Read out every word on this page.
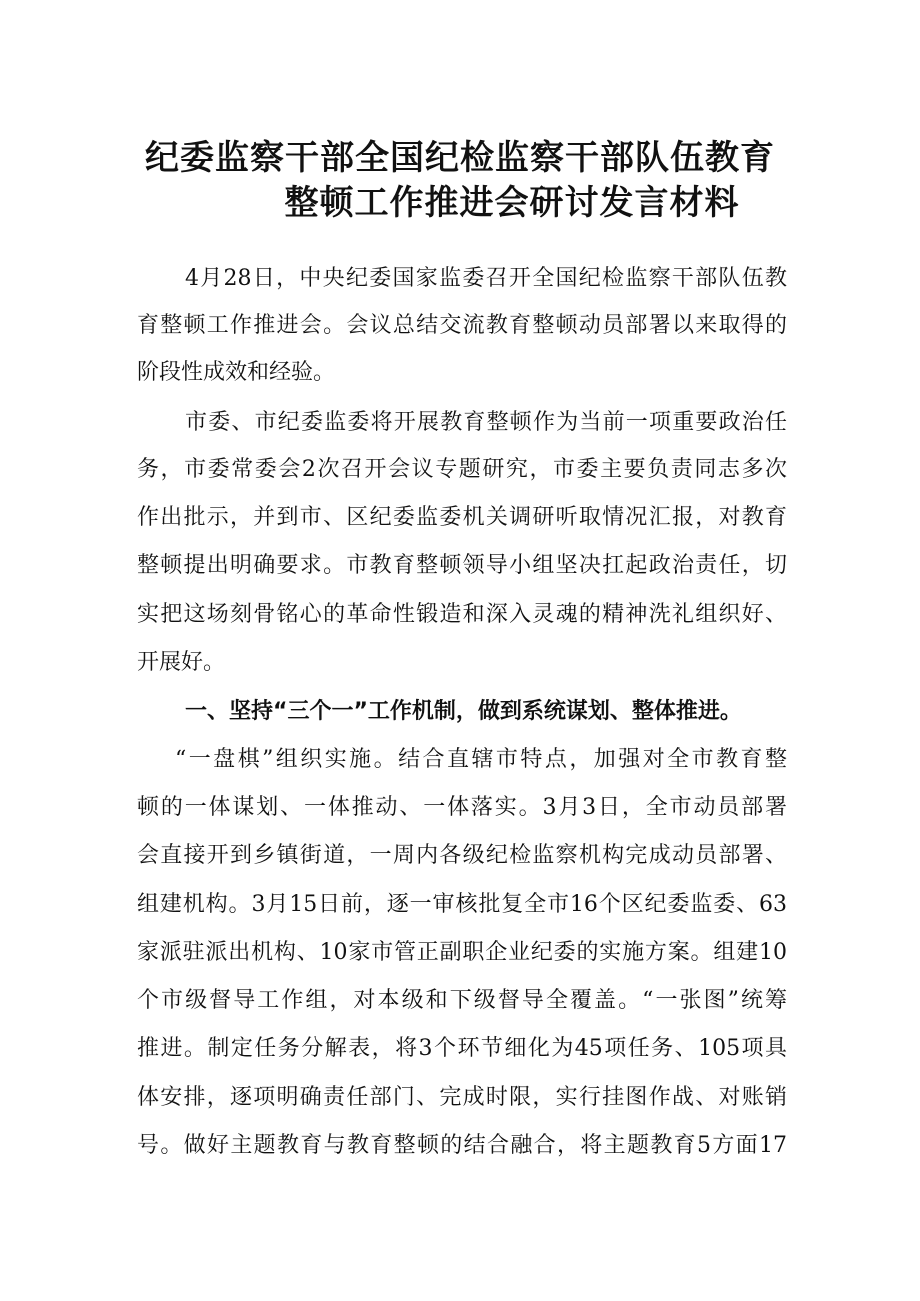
纪委监察干部全国纪检监察干部队伍教育
整顿工作推进会研讨发言材料
4月28日，中央纪委国家监委召开全国纪检监察干部队伍教
育整顿工作推进会。会议总结交流教育整顿动员部署以来取得的
阶段性成效和经验。
市委、市纪委监委将开展教育整顿作为当前一项重要政治任
务，市委常委会2次召开会议专题研究，市委主要负责同志多次
作出批示，并到市、区纪委监委机关调研听取情况汇报，对教育
整顿提出明确要求。市教育整顿领导小组坚决扛起政治责任，切
实把这场刻骨铭心的革命性锻造和深入灵魂的精神洗礼组织好、
开展好。
一、坚持“三个一”工作机制，做到系统谋划、整体推进。
“一盘棋”组织实施。结合直辖市特点，加强对全市教育整
顿的一体谋划、一体推动、一体落实。3月3日，全市动员部署
会直接开到乡镇街道，一周内各级纪检监察机构完成动员部署、
组建机构。3月15日前，逐一审核批复全市16个区纪委监委、63
家派驻派出机构、10家市管正副职企业纪委的实施方案。组建10
个市级督导工作组，对本级和下级督导全覆盖。“一张图”统筹
推进。制定任务分解表，将3个环节细化为45项任务、105项具
体安排，逐项明确责任部门、完成时限，实行挂图作战、对账销
号。做好主题教育与教育整顿的结合融合，将主题教育5方面17
